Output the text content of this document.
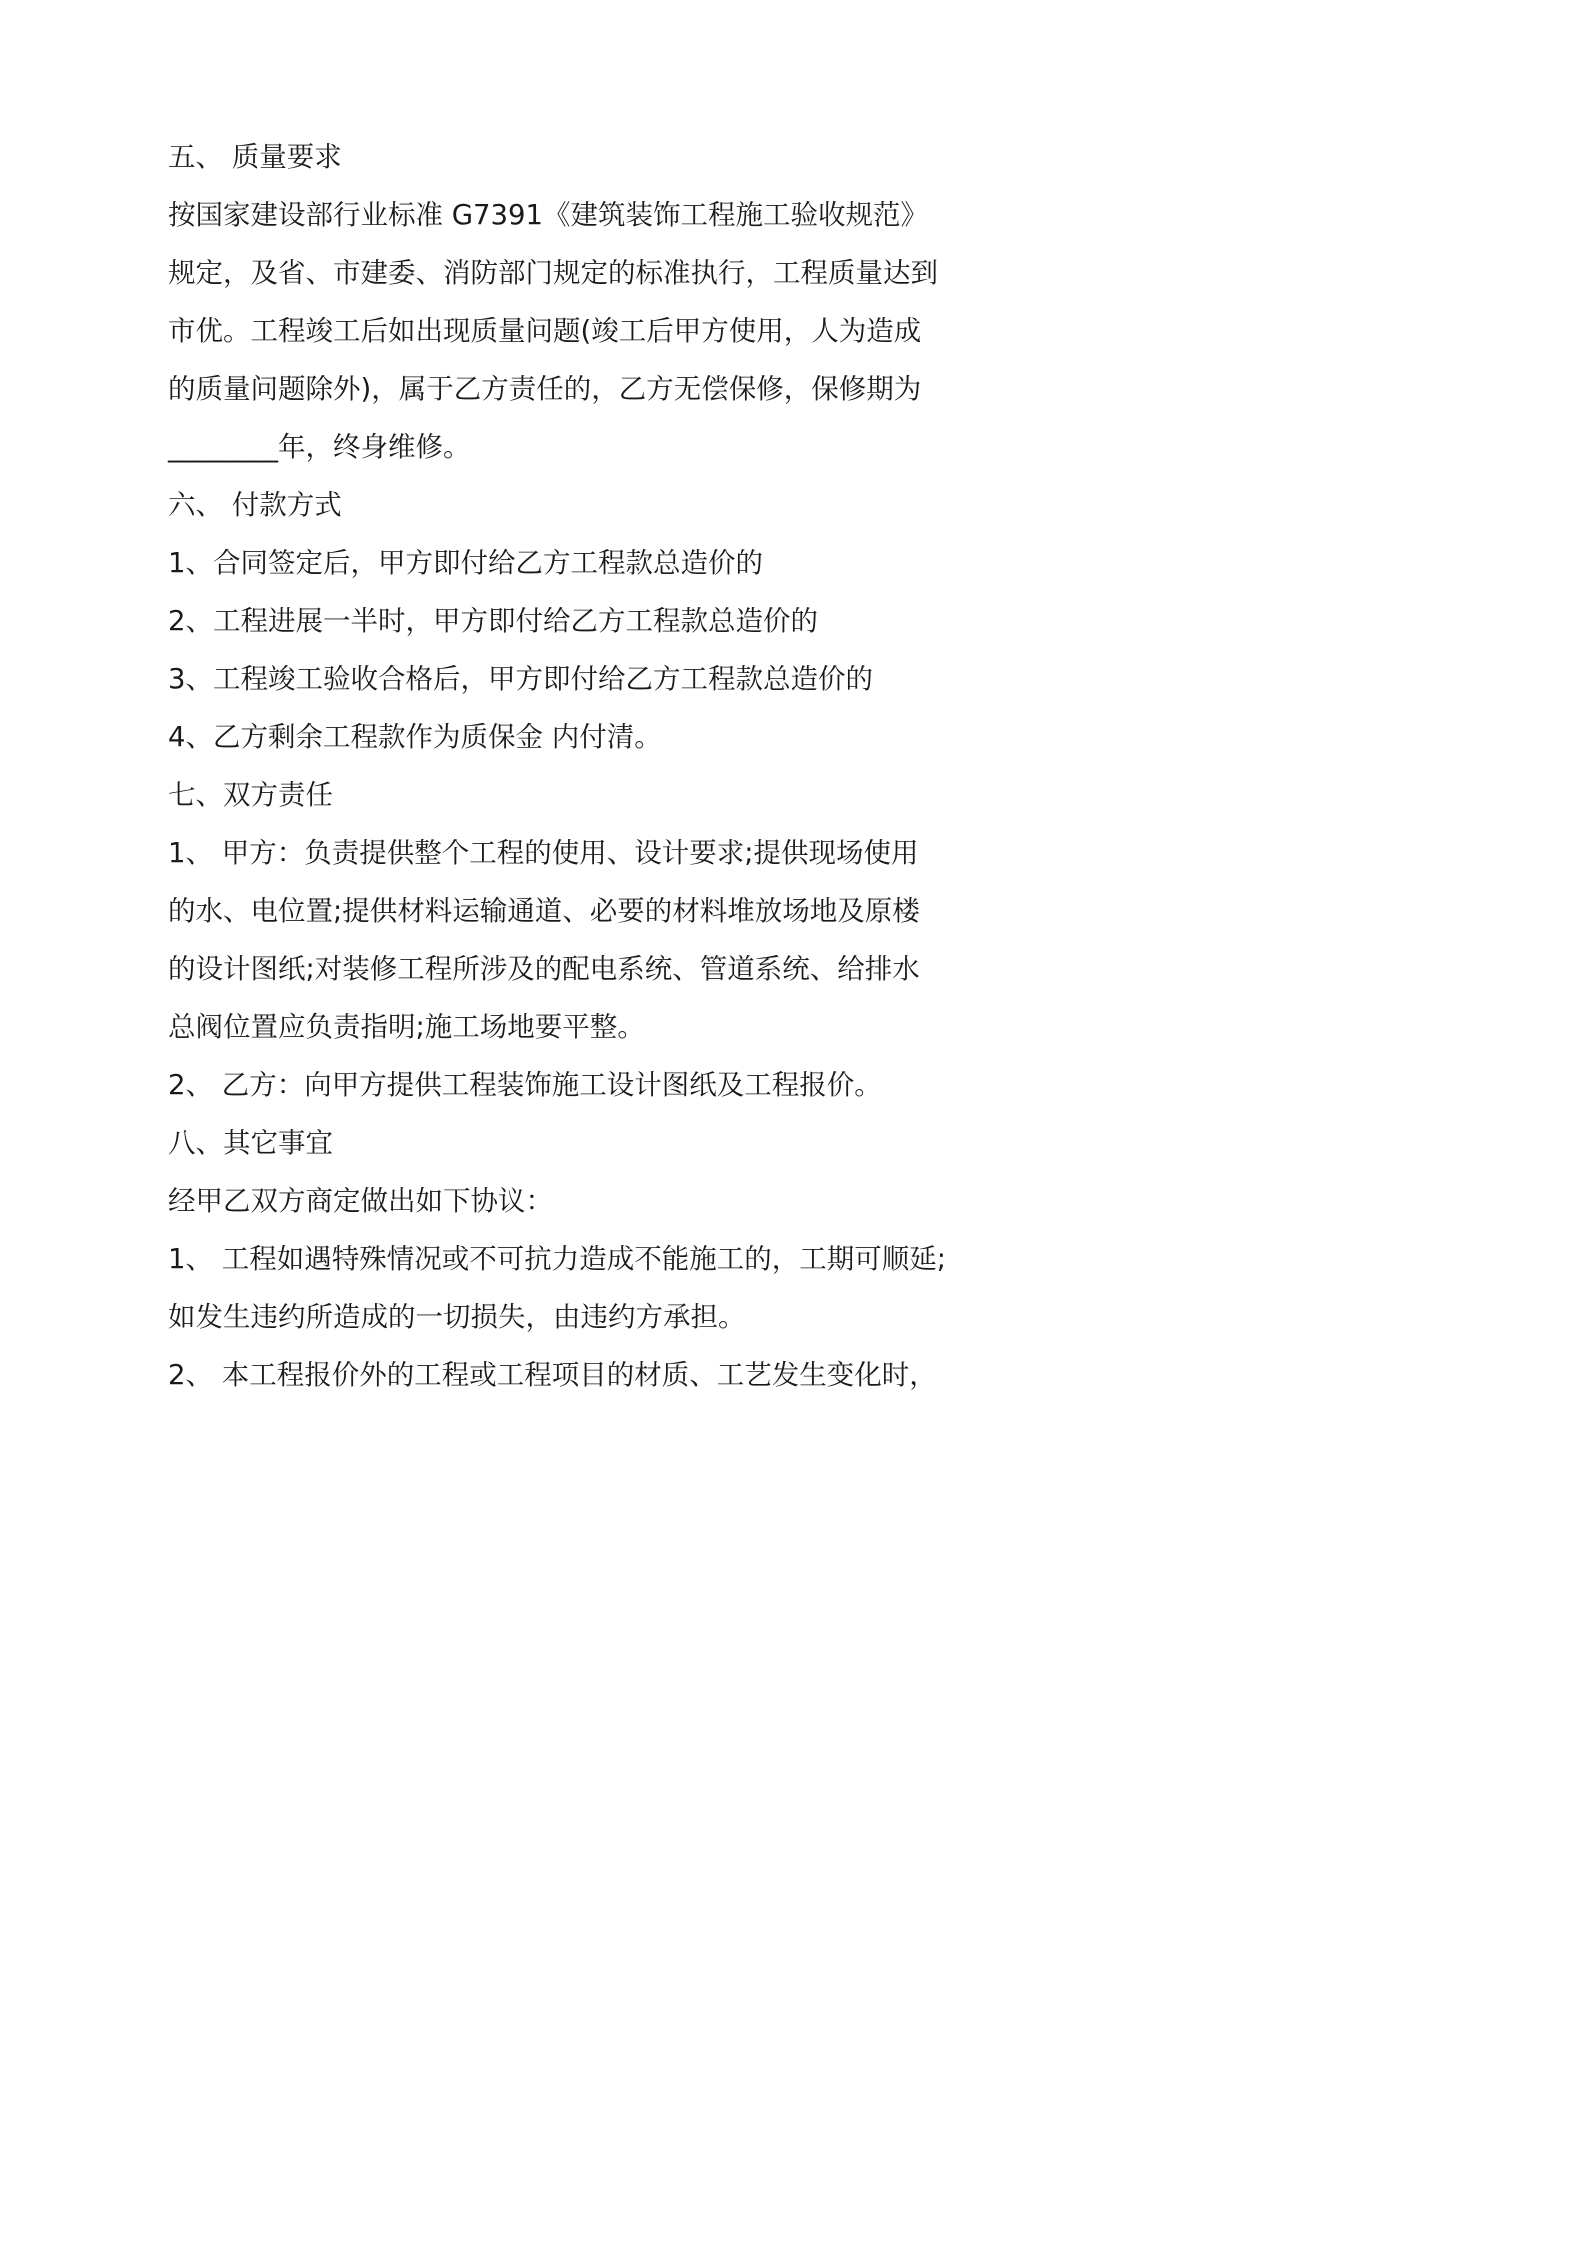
五、 质量要求
按国家建设部行业标准 G7391《建筑装饰工程施工验收规范》
规定，及省、市建委、消防部门规定的标准执行，工程质量达到
市优。工程竣工后如出现质量问题(竣工后甲方使用，人为造成
的质量问题除外)，属于乙方责任的，乙方无偿保修，保修期为
________年，终身维修。
六、 付款方式
1、合同签定后，甲方即付给乙方工程款总造价的
2、工程进展一半时，甲方即付给乙方工程款总造价的
3、工程竣工验收合格后，甲方即付给乙方工程款总造价的
4、乙方剩余工程款作为质保金 内付清。
七、双方责任
1、 甲方：负责提供整个工程的使用、设计要求;提供现场使用
的水、电位置;提供材料运输通道、必要的材料堆放场地及原楼
的设计图纸;对装修工程所涉及的配电系统、管道系统、给排水
总阀位置应负责指明;施工场地要平整。
2、 乙方：向甲方提供工程装饰施工设计图纸及工程报价。
八、其它事宜
经甲乙双方商定做出如下协议：
1、 工程如遇特殊情况或不可抗力造成不能施工的，工期可顺延;
如发生违约所造成的一切损失，由违约方承担。
2、 本工程报价外的工程或工程项目的材质、工艺发生变化时，
